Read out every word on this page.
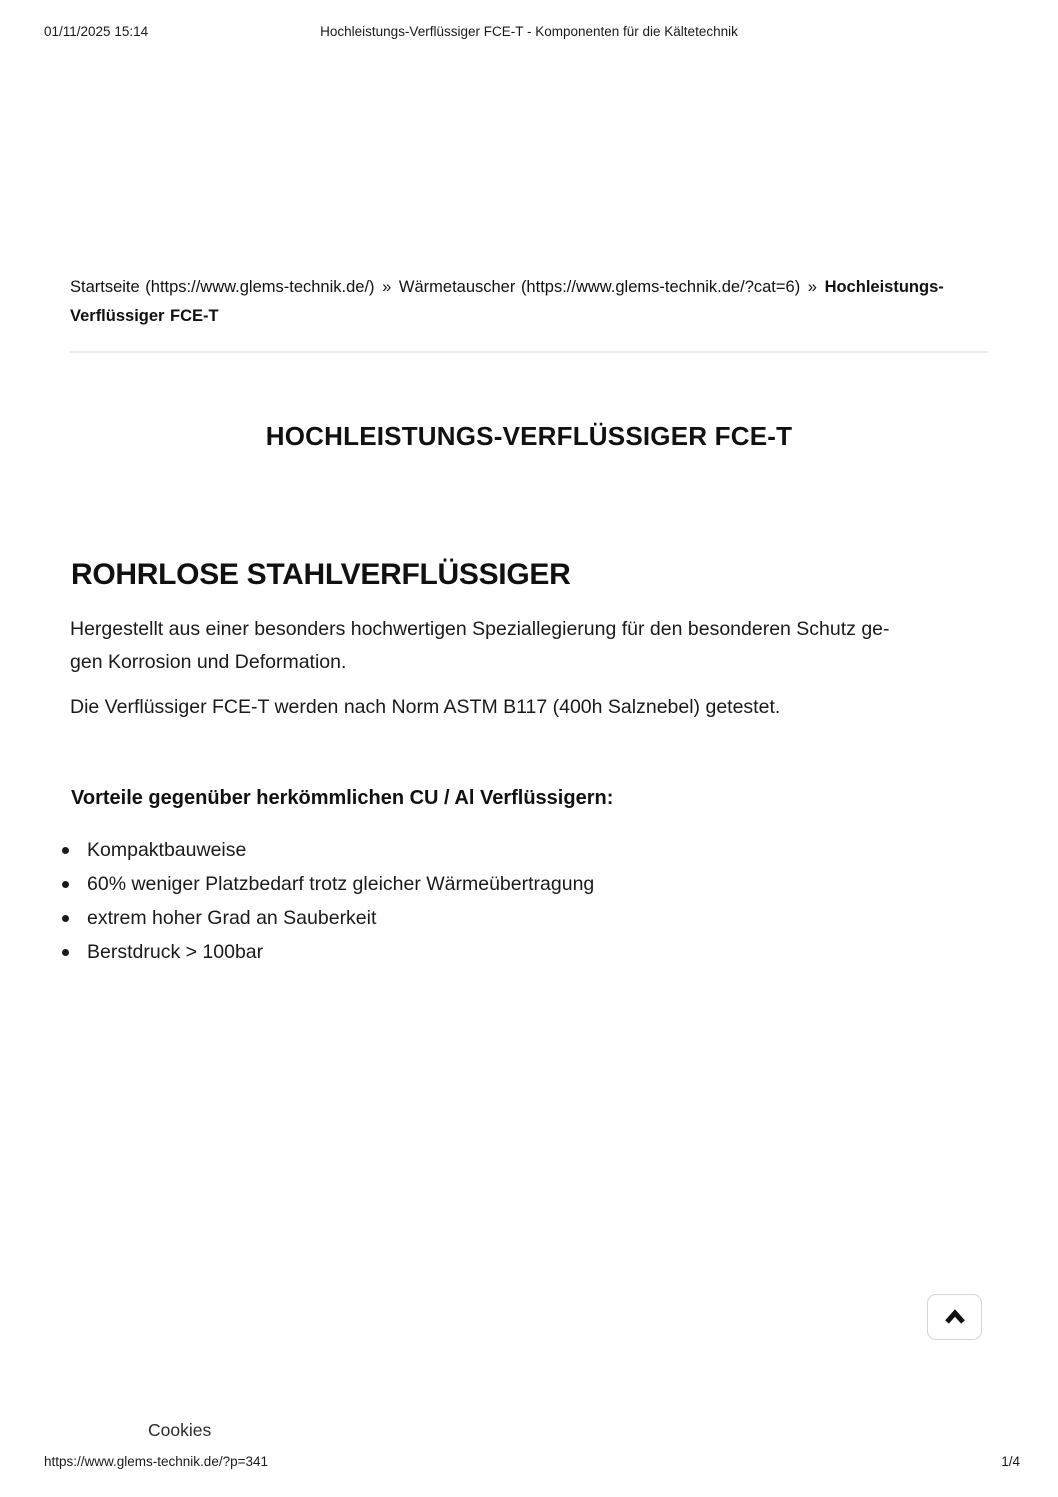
01/11/2025 15:14	Hochleistungs-Verflüssiger FCE-T - Komponenten für die Kältetechnik
Startseite (https://www.glems-technik.de/) » Wärmetauscher (https://www.glems-technik.de/?cat=6) » Hochleistungs-Verflüssiger FCE-T
HOCHLEISTUNGS-VERFLÜSSIGER FCE-T
ROHRLOSE STAHLVERFLÜSSIGER
Hergestellt aus einer besonders hochwertigen Speziallegierung für den besonderen Schutz ge-
gen Korrosion und Deformation.
Die Verflüssiger FCE-T werden nach Norm ASTM B117 (400h Salznebel) getestet.
Vorteile gegenüber herkömmlichen CU / Al Verflüssigern:
Kompaktbauweise
60% weniger Platzbedarf trotz gleicher Wärmeübertragung
extrem hoher Grad an Sauberkeit
Berstdruck > 100bar
Cookies
https://www.glems-technik.de/?p=341	1/4
